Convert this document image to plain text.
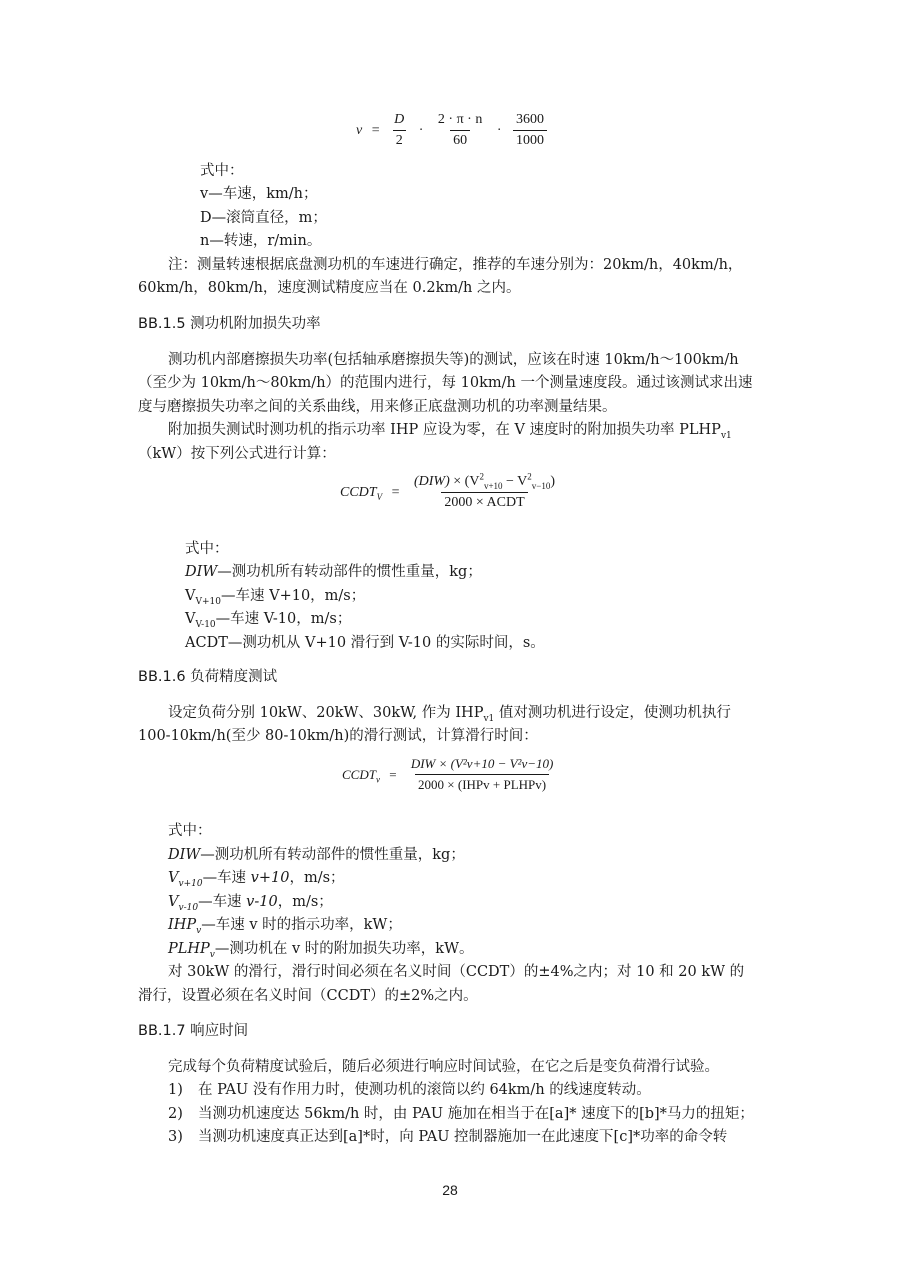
$v = \frac{D}{2} \cdot \frac{2 \cdot \pi \cdot n}{60} \cdot \frac{3600}{1000}$
式中：
v—车速，km/h；
D—滚筒直径，m；
n—转速，r/min。
注：测量转速根据底盘测功机的车速进行确定，推荐的车速分别为：20km/h，40km/h，
60km/h，80km/h，速度测试精度应当在 0.2km/h 之内。
BB.1.5 测功机附加损失功率
测功机内部磨擦损失功率(包括轴承磨擦损失等)的测试，应该在时速 10km/h～100km/h
（至少为 10km/h～80km/h）的范围内进行，每 10km/h 一个测量速度段。通过该测试求出速
度与磨擦损失功率之间的关系曲线，用来修正底盘测功机的功率测量结果。
附加损失测试时测功机的指示功率 IHP 应设为零，在 V 速度时的附加损失功率 $PLHP_{v1}$
（kW）按下列公式进行计算：
$CCDT_V = \frac{(DIW) \times (V^2_{v+10} - V^2_{v-10})}{\text{2000 × ACDT}}$
式中：
DIW—测功机所有转动部件的惯性重量，kg；
$V_{V+10}—$车速 V+10，m/s；
$V_{V-10}—$车速 V-10，m/s；
ACDT—测功机从 V+10 滑行到 V-10 的实际时间，s。
BB.1.6 负荷精度测试
设定负荷分别 10kW、20kW、30kW, 作为 $IHP_{v1}$ 值对测功机进行设定，使测功机执行
100-10km/h(至少 80-10km/h)的滑行测试，计算滑行时间：
$CCDT_v = \frac{\text{DIW × (V²v+10 − V²v−10)}}{\text{2000 × (IHPv + PLHPv)}}$
式中：
DIW—测功机所有转动部件的惯性重量，kg；
$V_{v+10}—$车速 v+10，m/s；
$V_{v-10}—$车速 v-10，m/s；
$IHP_v—$车速 v 时的指示功率，kW；
$PLHP_v—$测功机在 v 时的附加损失功率，kW。
对 30kW 的滑行，滑行时间必须在名义时间（CCDT）的±4%之内；对 10 和 20 kW 的
滑行，设置必须在名义时间（CCDT）的±2%之内。
BB.1.7 响应时间
完成每个负荷精度试验后，随后必须进行响应时间试验，在它之后是变负荷滑行试验。
1) 在 PAU 没有作用力时，使测功机的滚筒以约 64km/h 的线速度转动。
2) 当测功机速度达 56km/h 时，由 PAU 施加在相当于在[a]* 速度下的[b]*马力的扭矩；
3) 当测功机速度真正达到[a]*时，向 PAU 控制器施加一在此速度下[c]*功率的命令转
28
